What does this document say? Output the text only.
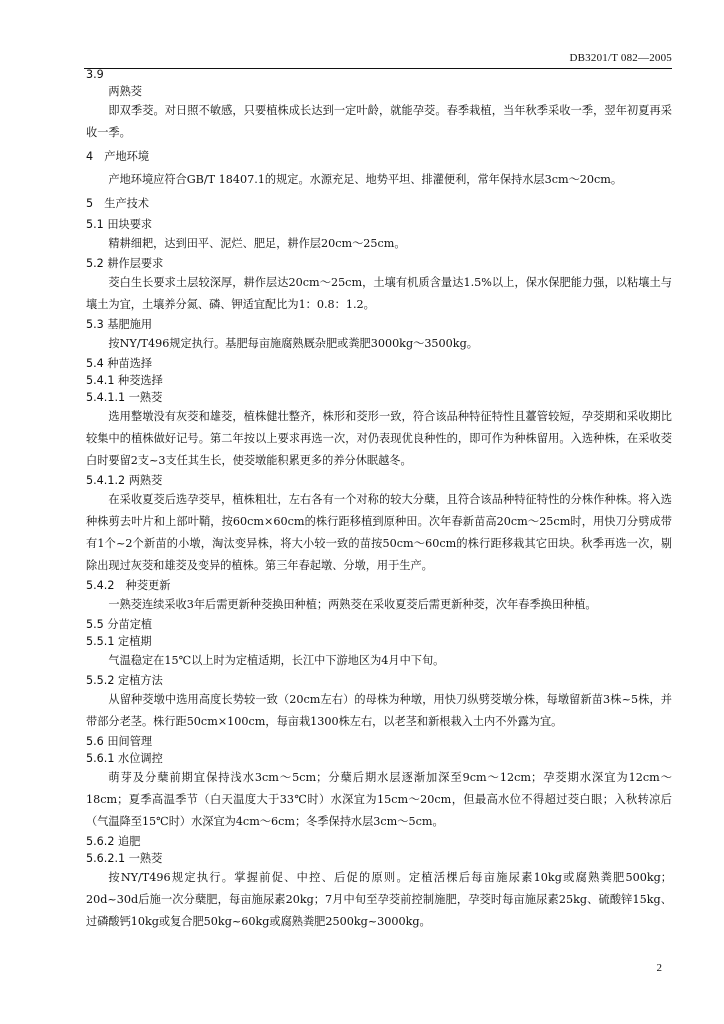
DB3201/T 082—2005
3.9
两熟茭

即双季茭。对日照不敏感，只要植株成长达到一定叶龄，就能孕茭。春季栽植，当年秋季采收一季，翌年初夏再采收一季。

4　产地环境

产地环境应符合GB/T 18407.1的规定。水源充足、地势平坦、排灌便利，常年保持水层3cm～20cm。

5　生产技术
5.1 田块要求

精耕细耙，达到田平、泥烂、肥足，耕作层20cm～25cm。

5.2 耕作层要求

茭白生长要求土层较深厚，耕作层达20cm～25cm，土壤有机质含量达1.5%以上，保水保肥能力强，以粘壤土与壤土为宜，土壤养分氮、磷、钾适宜配比为1：0.8：1.2。

5.3 基肥施用

按NY/T496规定执行。基肥每亩施腐熟厩杂肥或粪肥3000kg～3500kg。

5.4 种苗选择
5.4.1 种茭选择
5.4.1.1 一熟茭

选用整墩没有灰茭和雄茭，植株健壮整齐，株形和茭形一致，符合该品种特征特性且薹管较短，孕茭期和采收期比较集中的植株做好记号。第二年按以上要求再选一次，对仍表现优良种性的，即可作为种株留用。入选种株，在采收茭白时要留2支~3支任其生长，使茭墩能积累更多的养分休眠越冬。

5.4.1.2 两熟茭

在采收夏茭后选孕茭早，植株粗壮，左右各有一个对称的较大分蘖，且符合该品种特征特性的分株作种株。将入选种株剪去叶片和上部叶鞘，按60cm×60cm的株行距移植到原种田。次年春新苗高20cm～25cm时，用快刀分劈成带有1个~2个新苗的小墩，淘汰变异株，将大小较一致的苗按50cm～60cm的株行距移栽其它田块。秋季再选一次，剔除出现过灰茭和雄茭及变异的植株。第三年春起墩、分墩，用于生产。

5.4.2　种茭更新

一熟茭连续采收3年后需更新种茭换田种植；两熟茭在采收夏茭后需更新种茭，次年春季换田种植。

5.5 分苗定植
5.5.1 定植期

气温稳定在15℃以上时为定植适期，长江中下游地区为4月中下旬。

5.5.2 定植方法

从留种茭墩中选用高度长势较一致（20cm左右）的母株为种墩，用快刀纵劈茭墩分株，每墩留新苗3株~5株，并带部分老茎。株行距50cm×100cm，每亩栽1300株左右，以老茎和新根栽入土内不外露为宜。

5.6 田间管理
5.6.1 水位调控

萌芽及分蘖前期宜保持浅水3cm～5cm；分蘖后期水层逐渐加深至9cm～12cm；孕茭期水深宜为12cm～18cm；夏季高温季节（白天温度大于33℃时）水深宜为15cm～20cm，但最高水位不得超过茭白眼；入秋转凉后（气温降至15℃时）水深宜为4cm～6cm；冬季保持水层3cm～5cm。

5.6.2 追肥
5.6.2.1 一熟茭

按NY/T496规定执行。掌握前促、中控、后促的原则。定植活棵后每亩施尿素10kg或腐熟粪肥500kg；20d~30d后施一次分蘖肥，每亩施尿素20kg；7月中旬至孕茭前控制施肥，孕茭时每亩施尿素25kg、硫酸锌15kg、过磷酸钙10kg或复合肥50kg~60kg或腐熟粪肥2500kg~3000kg。

2
